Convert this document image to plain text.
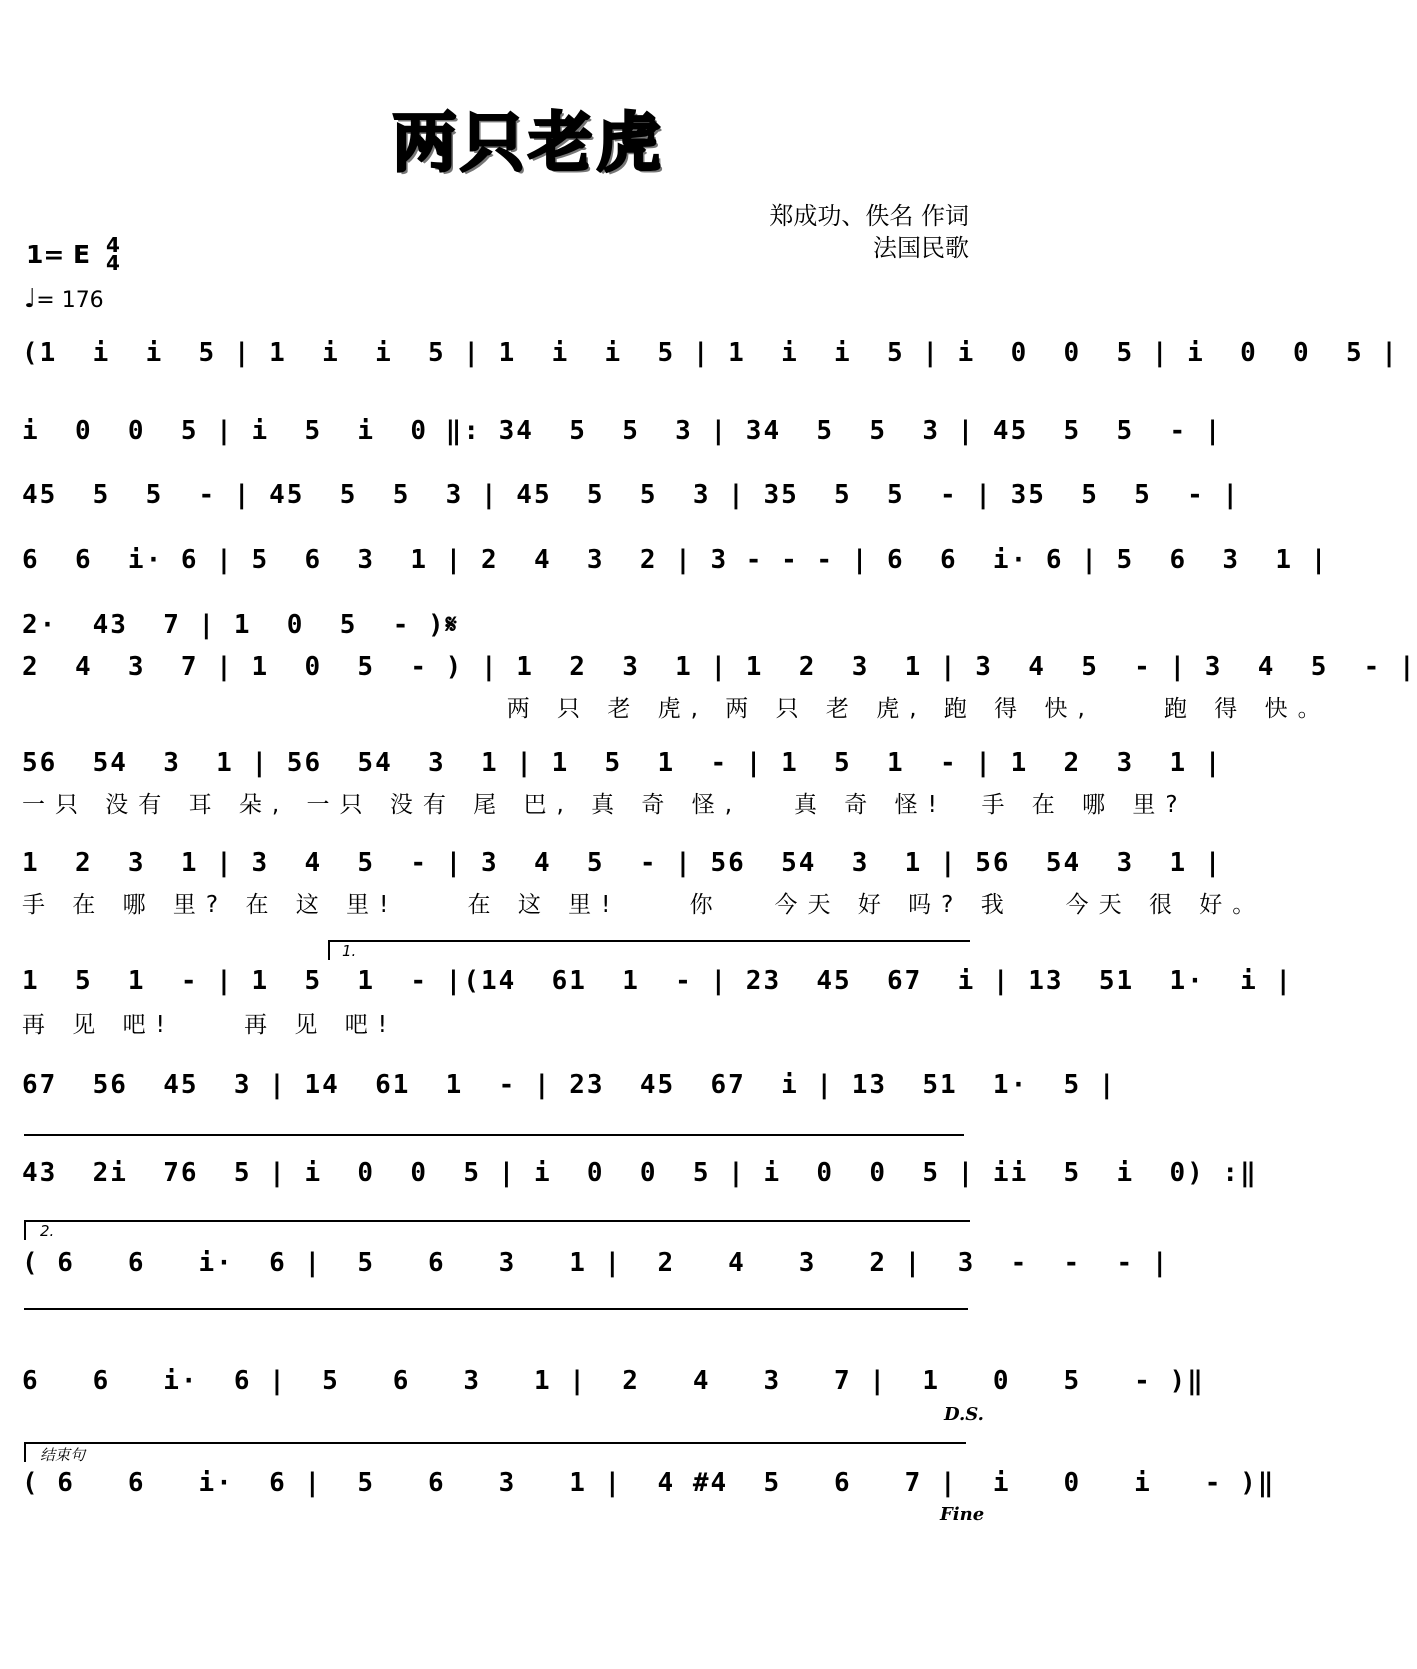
两只老虎
郑成功、佚名 作词
法国民歌
1= E 4
4
♩= 176
(1  i  i  5 | 1  i  i  5 | 1  i  i  5 | 1  i  i  5 | i  0  0  5 | i  0  0  5 |
i  0  0  5 | i  5  i  0 ‖: 34  5  5  3 | 34  5  5  3 | 45  5  5  - |
45  5  5  - | 45  5  5  3 | 45  5  5  3 | 35  5  5  - | 35  5  5  - |
6  6  i· 6 | 5  6  3  1 | 2  4  3  2 | 3 - - - | 6  6  i· 6 | 5  6  3  1 |
2·  43  7 | 1  0  5  - )𝄋
2  4  3  7 | 1  0  5  - ) | 1  2  3  1 | 1  2  3  1 | 3  4  5  - | 3  4  5  - |
两 只 老 虎, 两 只 老 虎, 跑 得 快,    跑 得 快。
56  54  3  1 | 56  54  3  1 | 1  5  1  - | 1  5  1  - | 1  2  3  1 |
一只 没有 耳 朵, 一只 没有 尾 巴, 真 奇 怪,   真 奇 怪!  手 在 哪 里?
1  2  3  1 | 3  4  5  - | 3  4  5  - | 56  54  3  1 | 56  54  3  1 |
手 在 哪 里? 在 这 里!    在 这 里!    你   今天 好 吗? 我   今天 很 好。
1.
1  5  1  - | 1  5  1  - |(14  61  1  - | 23  45  67  i | 13  51  1·  i |
再 见 吧!    再 见 吧!
67  56  45  3 | 14  61  1  - | 23  45  67  i | 13  51  1·  5 |
43  2i  76  5 | i  0  0  5 | i  0  0  5 | i  0  0  5 | ii  5  i  0) :‖
2.
( 6   6   i·  6 |  5   6   3   1 |  2   4   3   2 |  3  -  -  - |
6   6   i·  6 |  5   6   3   1 |  2   4   3   7 |  1   0   5   - )‖
D.S.
结束句
( 6   6   i·  6 |  5   6   3   1 |  4 #4  5   6   7 |  i   0   i   - )‖
Fine
